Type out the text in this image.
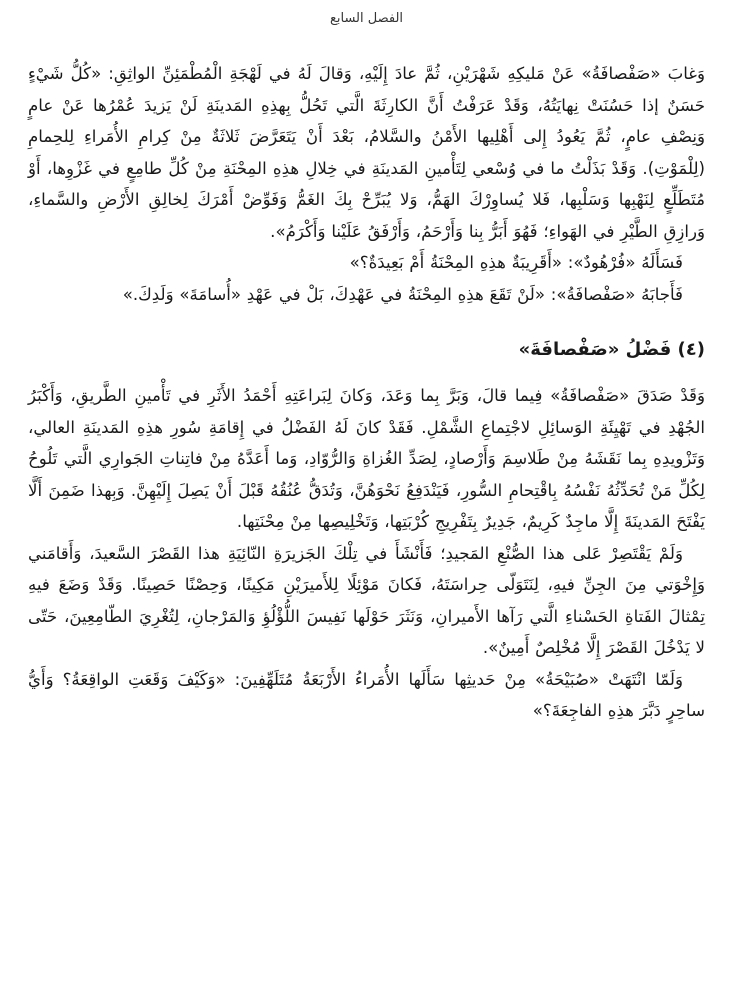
الفصل السابع

وَغابَ «صَفْصافَةُ» عَنْ مَليكِهِ شَهْرَيْنِ، ثُمَّ عادَ إِلَيْهِ، وَقالَ لَهُ في لَهْجَةِ الْمُطْمَئِنِّ الواثِقِ: «كُلُّ شَيْءٍ حَسَنٌ إذا حَسُنَتْ نِهايَتُهُ، وَقَدْ عَرَفْتُ أَنَّ الكارِثَةَ الَّتي تَحُلُّ بِهذِهِ المَدينَةِ لَنْ يَزيدَ عُمْرُها عَنْ عامٍ وَنِصْفِ عامٍ، ثُمَّ يَعُودُ إِلى أَهْلِيها الأَمْنُ والسَّلامُ، بَعْدَ أَنْ يَتَعَرَّضَ ثَلاثَةٌ مِنْ كِرامِ الأُمَراءِ لِلحِمامِ (لِلْمَوْتِ). وَقَدْ بَذَلْتُ ما في وُسْعي لِتَأْمينِ المَدينَةِ في خِلالِ هذِهِ المِحْنَةِ مِنْ كُلِّ طامِعٍ في غَزْوِها، أَوْ مُتَطَلِّعٍ لِنَهْبِها وَسَلْبِها، فَلا يُساوِرْكَ الهَمُّ، وَلا يُبَرِّحْ بِكَ الغَمُّ وَفَوِّضْ أَمْرَكَ لِخالِقِ الأَرْضِ والسَّماءِ، وَرازِقِ الطَّيْرِ في الهَواءِ؛ فَهُوَ أَبَرُّ بِنا وَأَرْحَمُ، وَأَرْفَقُ عَلَيْنا وَأَكْرَمُ».

فَسَأَلَهُ «فُرْهُودٌ»: «أَقَرِيبَةٌ هذِهِ المِحْنَةُ أَمْ بَعِيدَةٌ؟»

فَأَجابَهُ «صَفْصافَةُ»: «لَنْ تَقَعَ هذِهِ المِحْنَةُ في عَهْدِكَ، بَلْ في عَهْدِ «أُسامَةَ» وَلَدِكَ.»

(٤) فَضْلُ «صَفْصافَةَ»

وَقَدْ صَدَقَ «صَفْصافَةُ» فِيما قالَ، وَبَرَّ بِما وَعَدَ، وَكانَ لِبَراعَتِهِ أَحْمَدُ الأَثَرِ في تَأْمينِ الطَّريقِ، وَأَكْبَرُ الجُهْدِ في تَهْيِئَةِ الوَسائِلِ لاجْتِماعِ الشَّمْلِ. فَقَدْ كانَ لَهُ الفَضْلُ في إِقامَةِ سُورِ هذِهِ المَدينَةِ العالي، وَتَزْويدِهِ بِما نَقَشَهُ مِنْ طَلاسِمَ وَأَرْصادٍ، لِصَدِّ الغُزاةِ وَالرُّوّادِ، وَما أَعَدَّهُ مِنْ فاتِناتِ الجَوارِي الَّتي تَلُوحُ لِكُلِّ مَنْ تُحَدِّثُهُ نَفْسُهُ بِاقْتِحامِ السُّورِ، فَيَنْدَفِعُ نَحْوَهُنَّ، وَتُدَقُّ عُنُقُهُ قَبْلَ أَنْ يَصِلَ إِلَيْهِنَّ. وَبِهذا ضَمِنَ أَلَّا يَفْتَحَ المَدينَةَ إِلَّا ماجِدٌ كَرِيمٌ، جَدِيرٌ بِتَفْرِيجِ كُرْبَتِها، وَتَخْلِيصِها مِنْ مِحْنَتِها.

وَلَمْ يَقْتَصِرْ عَلى هذا الصُّنْعِ المَجيدِ؛ فَأَنْشَأَ في تِلْكَ الجَزيرَةِ النّائِيَةِ هذا القَصْرَ السَّعيدَ، وَأَقامَني وَإِخْوَتي مِنَ الجِنِّ فيهِ، لِنَتَوَلّى حِراسَتَهُ، فَكانَ مَوْئِلًا لِلأَميرَيْنِ مَكِينًا، وَحِصْنًا حَصِينًا. وَقَدْ وَضَعَ فيهِ تِمْثالَ الفَتاةِ الحَسْناءِ الَّتي رَآها الأَميرانِ، وَنَثَرَ حَوْلَها نَفِيسَ اللُّؤْلُؤِ وَالمَرْجانِ، لِتُغْرِيَ الطّامِعِينَ، حَتّى لا يَدْخُلَ القَصْرَ إِلَّا مُخْلِصٌ أَمِينٌ».

وَلَمّا انْتَهَتْ «صُبَيْحَةُ» مِنْ حَديثِها سَأَلَها الأُمَراءُ الأَرْبَعَةُ مُتَلَهِّفِينَ: «وَكَيْفَ وَقَعَتِ الواقِعَةُ؟ وَأَيُّ ساحِرٍ دَبَّرَ هذِهِ الفاجِعَةَ؟»
